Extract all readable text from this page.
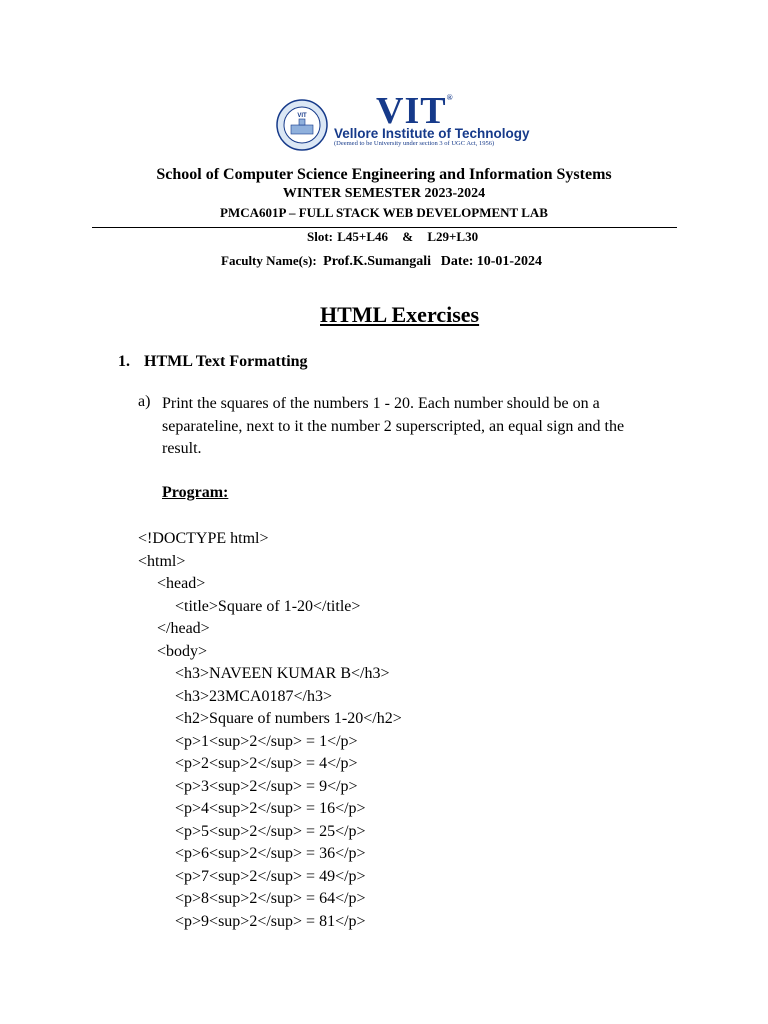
VIT VIT®
Vellore Institute of Technology
(Deemed to be University under section 3 of UGC Act, 1956)
School of Computer Science Engineering and Information Systems
WINTER SEMESTER 2023-2024
PMCA601P – FULL STACK WEB DEVELOPMENT LAB
Slot: L45+L46 & L29+L30
Faculty Name(s): Prof.K.Sumangali Date: 10-01-2024
HTML Exercises
1. HTML Text Formatting
a) Print the squares of the numbers 1 - 20. Each number should be on a separateline, next to it the number 2 superscripted, an equal sign and the result.
Program:
<!DOCTYPE html>
<html>
<head>
<title>Square of 1-20</title>
</head>
<body>
<h3>NAVEEN KUMAR B</h3>
<h3>23MCA0187</h3>
<h2>Square of numbers 1-20</h2>
<p>1<sup>2</sup> = 1</p>
<p>2<sup>2</sup> = 4</p>
<p>3<sup>2</sup> = 9</p>
<p>4<sup>2</sup> = 16</p>
<p>5<sup>2</sup> = 25</p>
<p>6<sup>2</sup> = 36</p>
<p>7<sup>2</sup> = 49</p>
<p>8<sup>2</sup> = 64</p>
<p>9<sup>2</sup> = 81</p>
